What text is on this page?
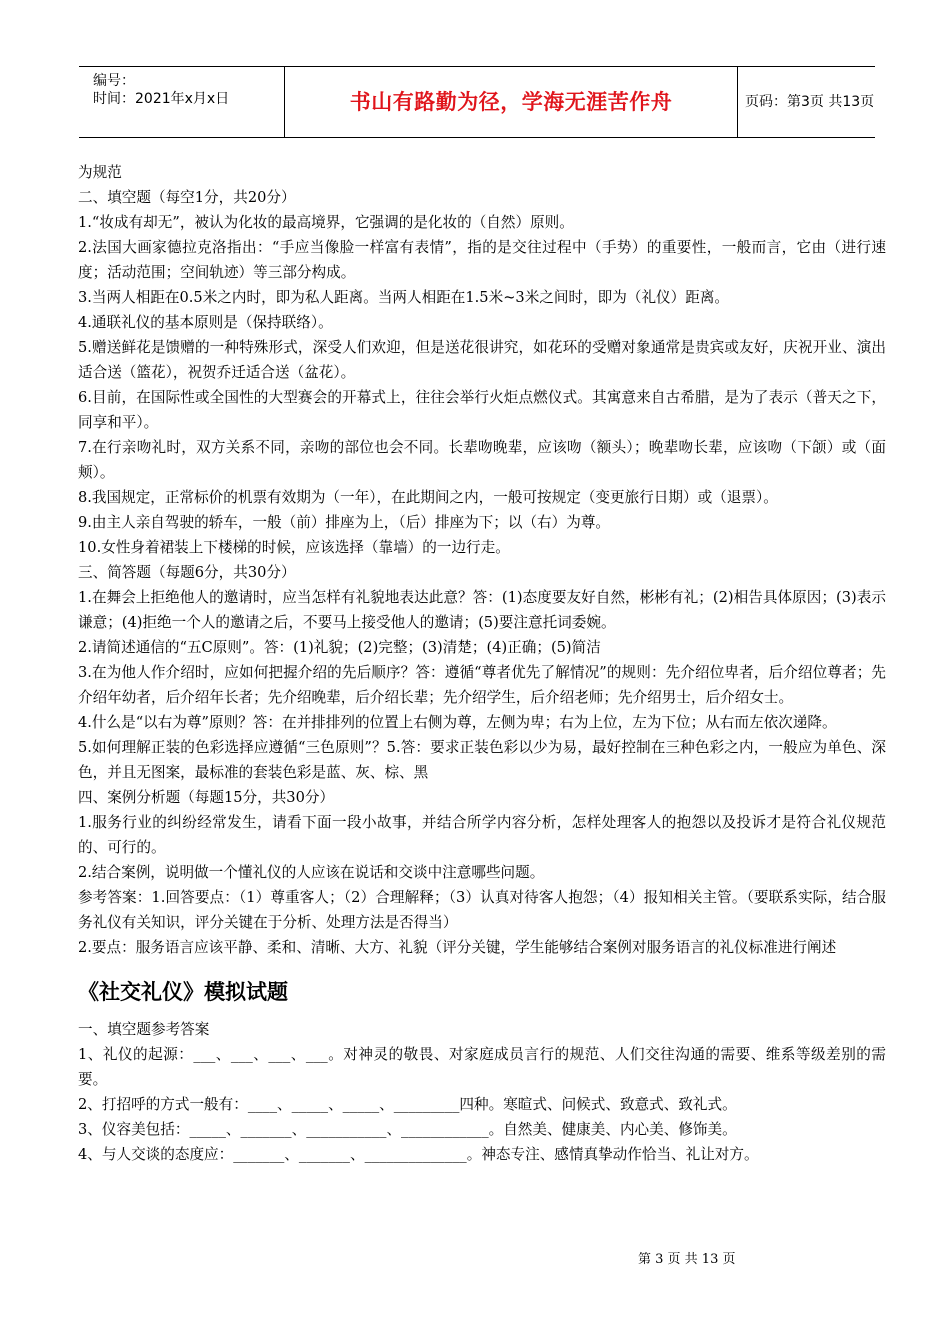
编号：
时间：2021年x月x日	书山有路勤为径，学海无涯苦作舟	页码：第3页 共13页

为规范

二、填空题（每空1分，共20分）

1.“妆成有却无”，被认为化妆的最高境界，它强调的是化妆的（自然）原则。

2.法国大画家德拉克洛指出：“手应当像脸一样富有表情”，指的是交往过程中（手势）的重要性，一般而言，它由（进行速度；活动范围；空间轨迹）等三部分构成。

3.当两人相距在0.5米之内时，即为私人距离。当两人相距在1.5米~3米之间时，即为（礼仪）距离。

4.通联礼仪的基本原则是（保持联络）。

5.赠送鲜花是馈赠的一种特殊形式，深受人们欢迎，但是送花很讲究，如花环的受赠对象通常是贵宾或友好，庆祝开业、演出适合送（篮花），祝贺乔迁适合送（盆花）。

6.目前，在国际性或全国性的大型赛会的开幕式上，往往会举行火炬点燃仪式。其寓意来自古希腊，是为了表示（普天之下，同享和平）。

7.在行亲吻礼时，双方关系不同，亲吻的部位也会不同。长辈吻晚辈，应该吻（额头）；晚辈吻长辈，应该吻（下颌）或（面颊）。

8.我国规定，正常标价的机票有效期为（一年），在此期间之内，一般可按规定（变更旅行日期）或（退票）。

9.由主人亲自驾驶的轿车，一般（前）排座为上，（后）排座为下；以（右）为尊。

10.女性身着裙装上下楼梯的时候，应该选择（靠墙）的一边行走。

三、简答题（每题6分，共30分）

1.在舞会上拒绝他人的邀请时，应当怎样有礼貌地表达此意？答：(1)态度要友好自然，彬彬有礼；(2)相告具体原因；(3)表示谦意；(4)拒绝一个人的邀请之后，不要马上接受他人的邀请；(5)要注意托词委婉。

2.请简述通信的“五C原则”。答：(1)礼貌；(2)完整；(3)清楚；(4)正确；(5)简洁

3.在为他人作介绍时，应如何把握介绍的先后顺序？答：遵循“尊者优先了解情况”的规则：先介绍位卑者，后介绍位尊者；先介绍年幼者，后介绍年长者；先介绍晚辈，后介绍长辈；先介绍学生，后介绍老师；先介绍男士，后介绍女士。

4.什么是“以右为尊”原则？答：在并排排列的位置上右侧为尊，左侧为卑；右为上位，左为下位；从右而左依次递降。

5.如何理解正装的色彩选择应遵循“三色原则”？5.答：要求正装色彩以少为易，最好控制在三种色彩之内，一般应为单色、深色，并且无图案，最标准的套装色彩是蓝、灰、棕、黑

四、案例分析题（每题15分，共30分）

1.服务行业的纠纷经常发生，请看下面一段小故事，并结合所学内容分析，怎样处理客人的抱怨以及投诉才是符合礼仪规范的、可行的。

2.结合案例，说明做一个懂礼仪的人应该在说话和交谈中注意哪些问题。

参考答案：1.回答要点：（1）尊重客人；（2）合理解释；（3）认真对待客人抱怨；（4）报知相关主管。（要联系实际，结合服务礼仪有关知识，评分关键在于分析、处理方法是否得当）

2.要点：服务语言应该平静、柔和、清晰、大方、礼貌（评分关键，学生能够结合案例对服务语言的礼仪标准进行阐述

《社交礼仪》模拟试题

一、填空题参考答案

1、礼仪的起源：___、___、___、___。对神灵的敬畏、对家庭成员言行的规范、人们交往沟通的需要、维系等级差别的需要。

2、打招呼的方式一般有：____、_____、_____、_________四种。寒暄式、问候式、致意式、致礼式。

3、仪容美包括：_____、_______、___________、____________。自然美、健康美、内心美、修饰美。

4、与人交谈的态度应：_______、_______、______________。神态专注、感情真挚动作恰当、礼让对方。

第 3 页 共 13 页
